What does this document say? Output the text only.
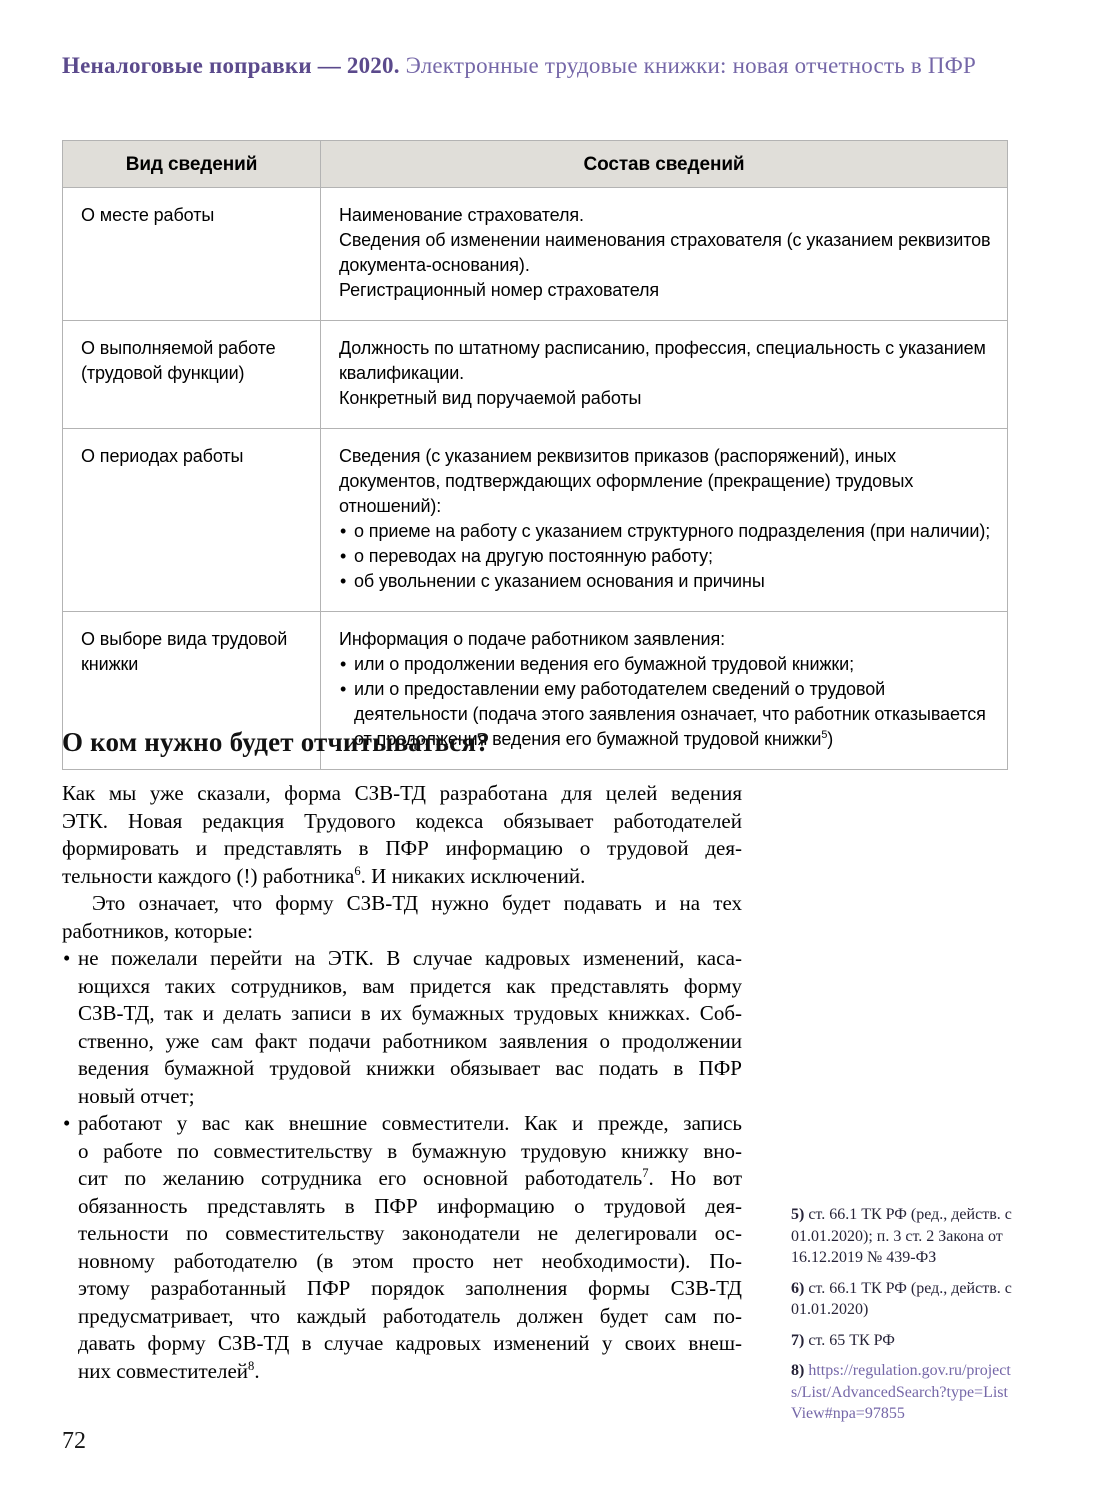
Неналоговые поправки — 2020. Электронные трудовые книжки: новая отчетность в ПФР
Вид сведений	Состав сведений
О месте работы	Наименование страхователя.
Сведения об изменении наименования страхователя (с указанием реквизитов документа-основания).
Регистрационный номер страхователя

О выполняемой работе (трудовой функции)	Должность по штатному расписанию, профессия, специальность с указанием квалификации.
Конкретный вид поручаемой работы

О периодах работы	Сведения (с указанием реквизитов приказов (распоряжений), иных документов, подтверждающих оформление (прекращение) трудовых отношений):
• о приеме на работу с указанием структурного подразделения (при наличии);
• о переводах на другую постоянную работу;
• об увольнении с указанием основания и причины

О выборе вида трудовой книжки	Информация о подаче работником заявления:
• или о продолжении ведения его бумажной трудовой книжки;
• или о предоставлении ему работодателем сведений о трудовой деятельности (подача этого заявления означает, что работник отказывается от продолжения ведения его бумажной трудовой книжки$^5$)
О ком нужно будет отчитываться?
Как мы уже сказали, форма СЗВ-ТД разработана для целей ведения
ЭТК. Новая редакция Трудового кодекса обязывает работодателей
формировать и представлять в ПФР информацию о трудовой дея-
тельности каждого (!) работника$^6$. И никаких исключений.
Это означает, что форму СЗВ-ТД нужно будет подавать и на тех
работников, которые:
• не пожелали перейти на ЭТК. В случае кадровых изменений, каса-
ющихся таких сотрудников, вам придется как представлять форму
СЗВ-ТД, так и делать записи в их бумажных трудовых книжках. Соб-
ственно, уже сам факт подачи работником заявления о продолжении
ведения бумажной трудовой книжки обязывает вас подать в ПФР
новый отчет;
• работают у вас как внешние совместители. Как и прежде, запись
о работе по совместительству в бумажную трудовую книжку вно-
сит по желанию сотрудника его основной работодатель$^7$. Но вот
обязанность представлять в ПФР информацию о трудовой дея-
тельности по совместительству законодатели не делегировали ос-
новному работодателю (в этом просто нет необходимости). По-
этому разработанный ПФР порядок заполнения формы СЗВ-ТД
предусматривает, что каждый работодатель должен будет сам по-
давать форму СЗВ-ТД в случае кадровых изменений у своих внеш-
них совместителей$^8$.
5) ст. 66.1 ТК РФ (ред., действ. с 01.01.2020); п. 3 ст. 2 Закона от 16.12.2019 № 439-ФЗ
6) ст. 66.1 ТК РФ (ред., действ. с 01.01.2020)
7) ст. 65 ТК РФ
8) https://regulation.gov.ru/projects/List/AdvancedSearch?type=ListView#npa=97855
72
